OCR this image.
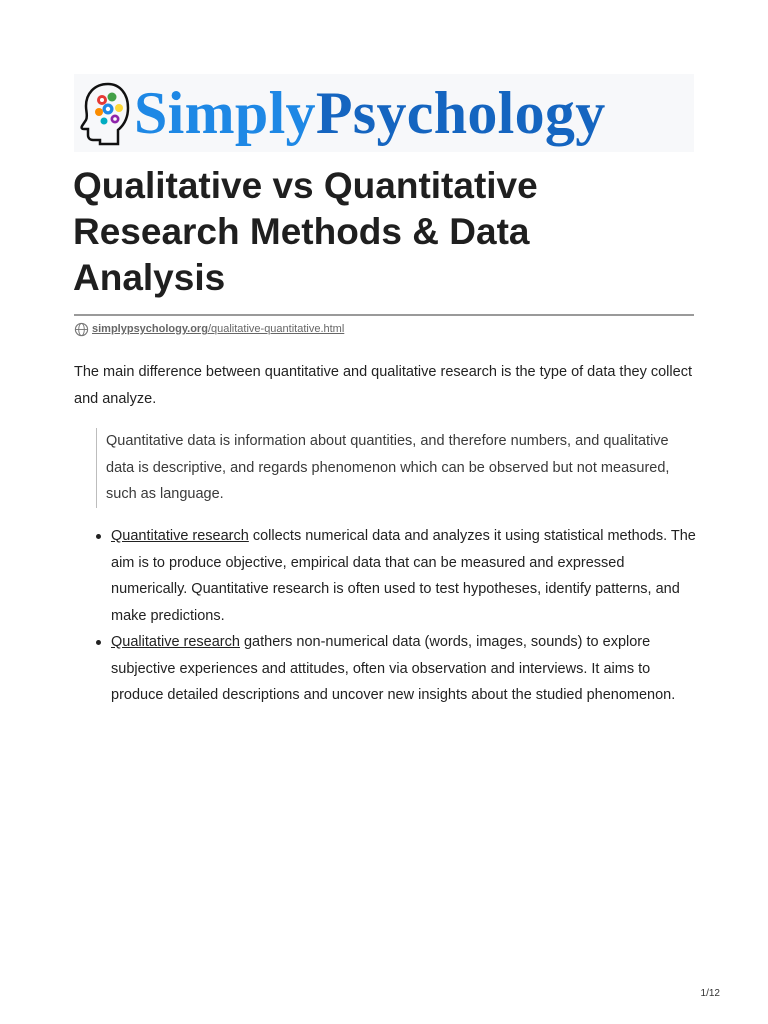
SimplyPsychology
Qualitative vs Quantitative Research Methods & Data Analysis
simplypsychology.org/qualitative-quantitative.html

The main difference between quantitative and qualitative research is the type of data they collect and analyze.

Quantitative data is information about quantities, and therefore numbers, and qualitative data is descriptive, and regards phenomenon which can be observed but not measured, such as language.
Quantitative research collects numerical data and analyzes it using statistical methods. The aim is to produce objective, empirical data that can be measured and expressed numerically. Quantitative research is often used to test hypotheses, identify patterns, and make predictions.
Qualitative research gathers non-numerical data (words, images, sounds) to explore subjective experiences and attitudes, often via observation and interviews. It aims to produce detailed descriptions and uncover new insights about the studied phenomenon.
1/12
